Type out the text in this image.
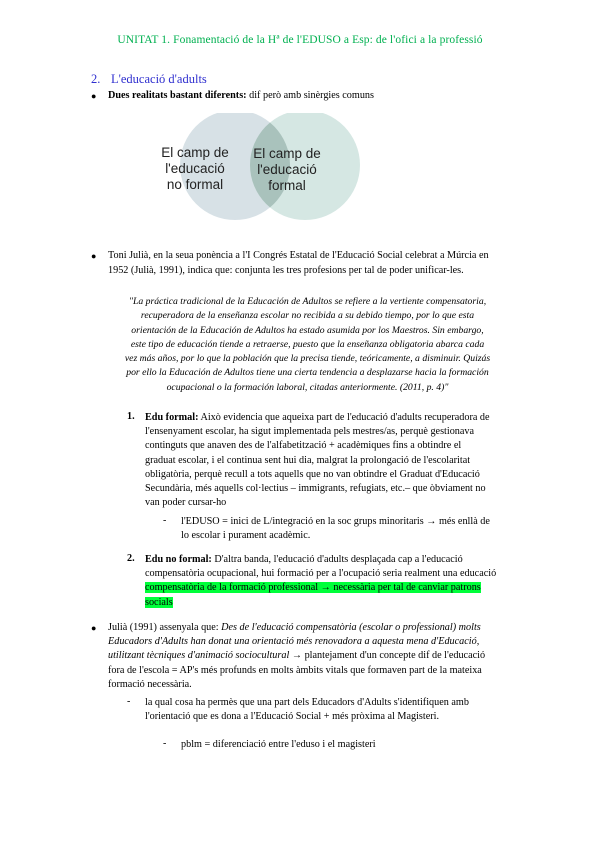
UNITAT 1. Fonamentació de la Hª de l'EDUSO a Esp: de l'ofici a la professió
2. L'educació d'adults
● Dues realitats bastant diferents: dif però amb sinèrgies comuns
El camp de
l'educació
no formal
El camp de
l'educació
formal
● Toni Julià, en la seua ponència a l'I Congrés Estatal de l'Educació Social celebrat a Múrcia en
1952 (Julià, 1991), indica que: conjunta les tres profesions per tal de poder unificar-les.
"La práctica tradicional de la Educación de Adultos se refiere a la vertiente compensatoria,
recuperadora de la enseñanza escolar no recibida a su debido tiempo, por lo que esta
orientación de la Educación de Adultos ha estado asumida por los Maestros. Sin embargo,
este tipo de educación tiende a retraerse, puesto que la enseñanza obligatoria abarca cada
vez más años, por lo que la población que la precisa tiende, teóricamente, a disminuir. Quizás
por ello la Educación de Adultos tiene una cierta tendencia a desplazarse hacia la formación
ocupacional o la formación laboral, citadas anteriormente. (2011, p. 4)"
1. Edu formal: Això evidencia que aqueixa part de l'educació d'adults recuperadora de
l'ensenyament escolar, ha sigut implementada pels mestres/as, perquè gestionava
continguts que anaven des de l'alfabetització + acadèmiques fins a obtindre el
graduat escolar, i el continua sent hui dia, malgrat la prolongació de l'escolaritat
obligatòria, perquè recull a tots aquells que no van obtindre el Graduat d'Educació
Secundària, més aquells col·lectius – immigrants, refugiats, etc.– que òbviament no
van poder cursar-ho
- l'EDUSO = inici de L/integració en la soc grups minoritaris → més enllà de
lo escolar i purament acadèmic.
2. Edu no formal: D'altra banda, l'educació d'adults desplaçada cap a l'educació
compensatòria ocupacional, hui formació per a l'ocupació seria realment una educació
compensatòria de la formació professional → necessària per tal de canviar patrons
socials
● Julià (1991) assenyala que: Des de l'educació compensatòria (escolar o professional) molts
Educadors d'Adults han donat una orientació més renovadora a aquesta mena d'Educació,
utilitzant tècniques d'animació sociocultural → plantejament d'un concepte dif de l'educació
fora de l'escola = AP's més profunds en molts àmbits vitals que formaven part de la mateixa
formació necessària.
- la qual cosa ha permès que una part dels Educadors d'Adults s'identifiquen amb
l'orientació que es dona a l'Educació Social + més pròxima al Magisteri.
- pblm = diferenciació entre l'eduso i el magisteri
